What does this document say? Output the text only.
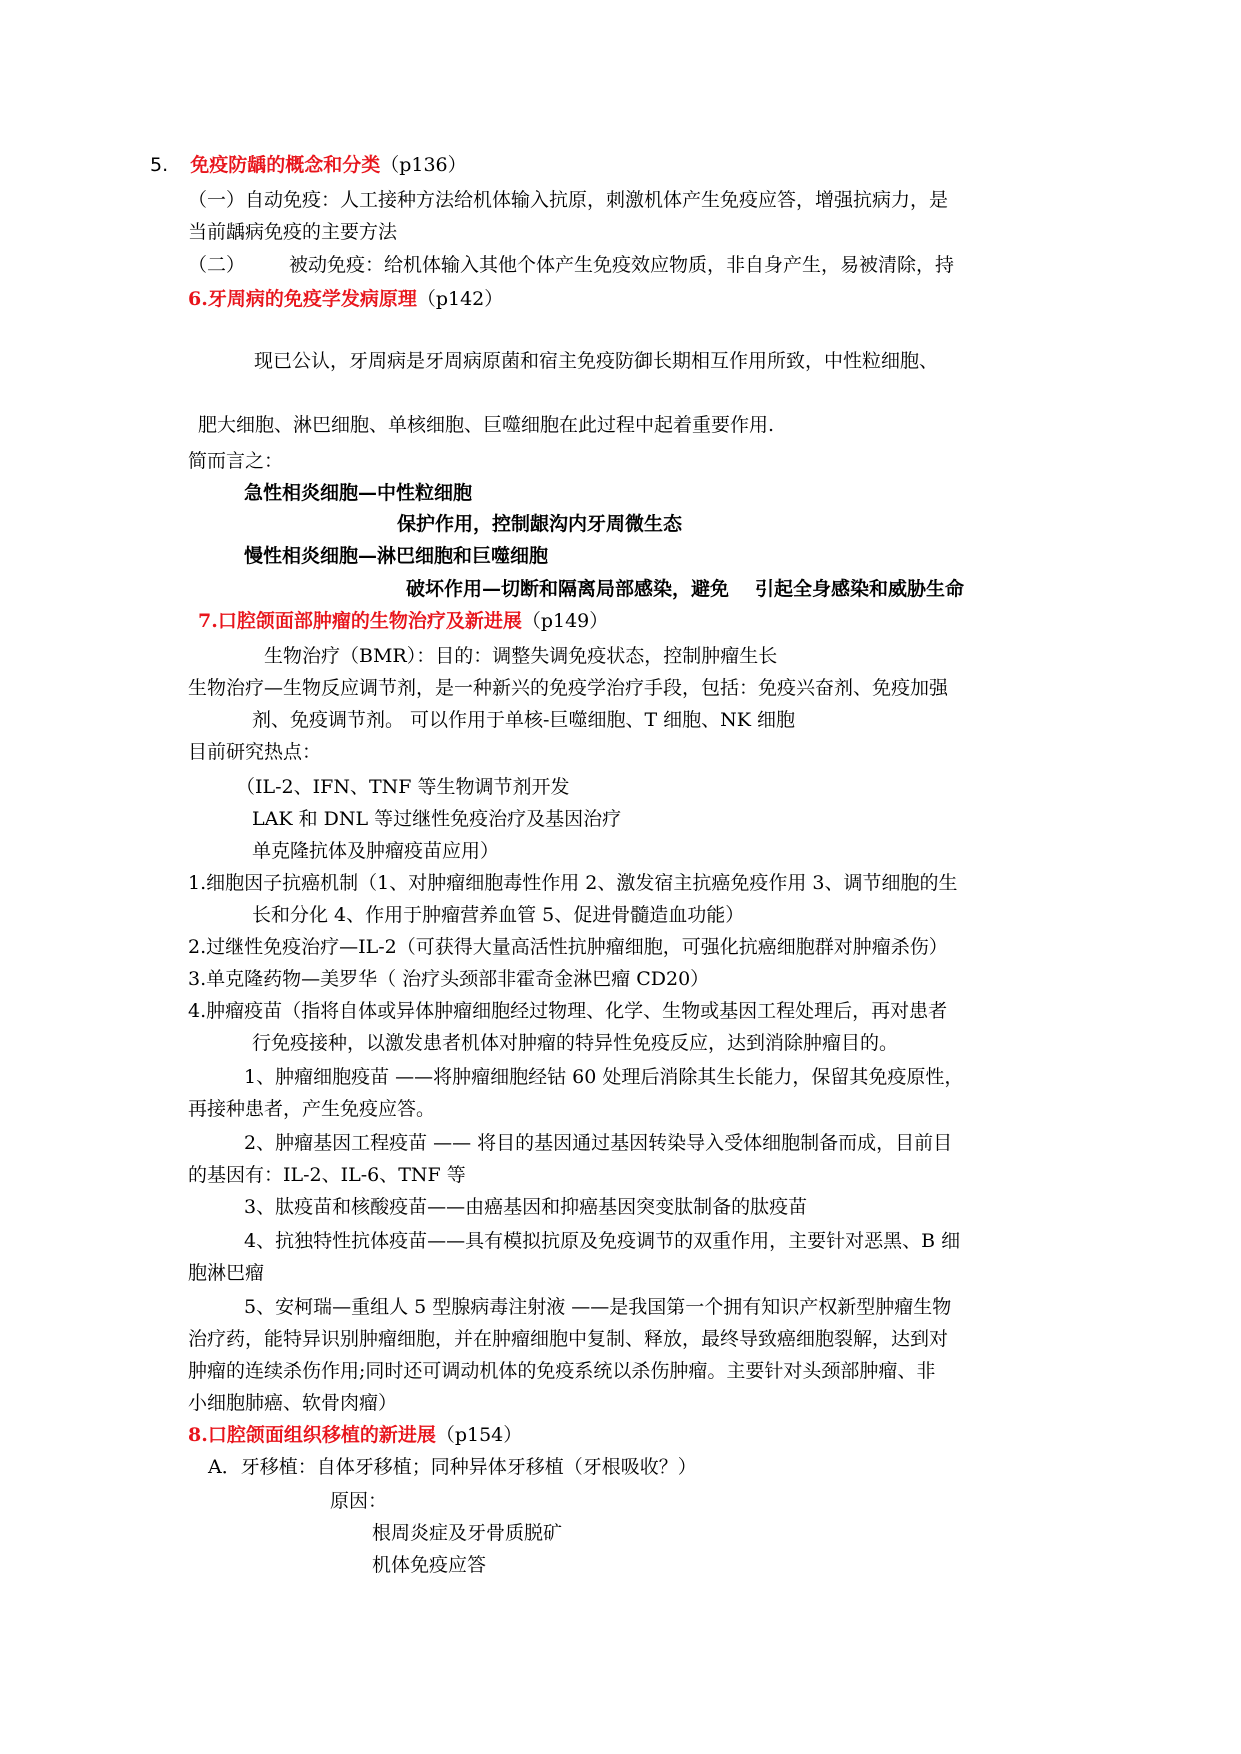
5. 免疫防龋的概念和分类（p136）
（一）自动免疫：人工接种方法给机体输入抗原，刺激机体产生免疫应答，增强抗病力，是
当前龋病免疫的主要方法
（二） 被动免疫：给机体输入其他个体产生免疫效应物质，非自身产生，易被清除，持
6.牙周病的免疫学发病原理（p142）
现已公认，牙周病是牙周病原菌和宿主免疫防御长期相互作用所致，中性粒细胞、
肥大细胞、淋巴细胞、单核细胞、巨噬细胞在此过程中起着重要作用.
简而言之：
急性相炎细胞—中性粒细胞
保护作用，控制龈沟内牙周微生态
慢性相炎细胞—淋巴细胞和巨噬细胞
破坏作用—切断和隔离局部感染，避免 引起全身感染和威胁生命
7.口腔颌面部肿瘤的生物治疗及新进展（p149）
生物治疗（BMR）：目的：调整失调免疫状态，控制肿瘤生长
生物治疗—生物反应调节剂，是一种新兴的免疫学治疗手段，包括：免疫兴奋剂、免疫加强
剂、免疫调节剂。 可以作用于单核-巨噬细胞、T 细胞、NK 细胞
目前研究热点：
（IL-2、IFN、TNF 等生物调节剂开发
LAK 和 DNL 等过继性免疫治疗及基因治疗
单克隆抗体及肿瘤疫苗应用）
1.细胞因子抗癌机制（1、对肿瘤细胞毒性作用 2、激发宿主抗癌免疫作用 3、调节细胞的生
长和分化 4、作用于肿瘤营养血管 5、促进骨髓造血功能）
2.过继性免疫治疗—IL-2（可获得大量高活性抗肿瘤细胞，可强化抗癌细胞群对肿瘤杀伤）
3.单克隆药物—美罗华（ 治疗头颈部非霍奇金淋巴瘤 CD20）
4.肿瘤疫苗（指将自体或异体肿瘤细胞经过物理、化学、生物或基因工程处理后，再对患者
行免疫接种，以激发患者机体对肿瘤的特异性免疫反应，达到消除肿瘤目的。
1、肿瘤细胞疫苗 ——将肿瘤细胞经钴 60 处理后消除其生长能力，保留其免疫原性，
再接种患者，产生免疫应答。
2、肿瘤基因工程疫苗 —— 将目的基因通过基因转染导入受体细胞制备而成，目前目
的基因有：IL-2、IL-6、TNF 等
3、肽疫苗和核酸疫苗——由癌基因和抑癌基因突变肽制备的肽疫苗
4、抗独特性抗体疫苗——具有模拟抗原及免疫调节的双重作用，主要针对恶黑、B 细
胞淋巴瘤
5、安柯瑞—重组人 5 型腺病毒注射液 ——是我国第一个拥有知识产权新型肿瘤生物
治疗药，能特异识别肿瘤细胞，并在肿瘤细胞中复制、释放，最终导致癌细胞裂解，达到对
肿瘤的连续杀伤作用;同时还可调动机体的免疫系统以杀伤肿瘤。主要针对头颈部肿瘤、非
小细胞肺癌、软骨肉瘤）
8.口腔颌面组织移植的新进展（p154）
A．牙移植：自体牙移植；同种异体牙移植（牙根吸收？）
原因：
根周炎症及牙骨质脱矿
机体免疫应答
